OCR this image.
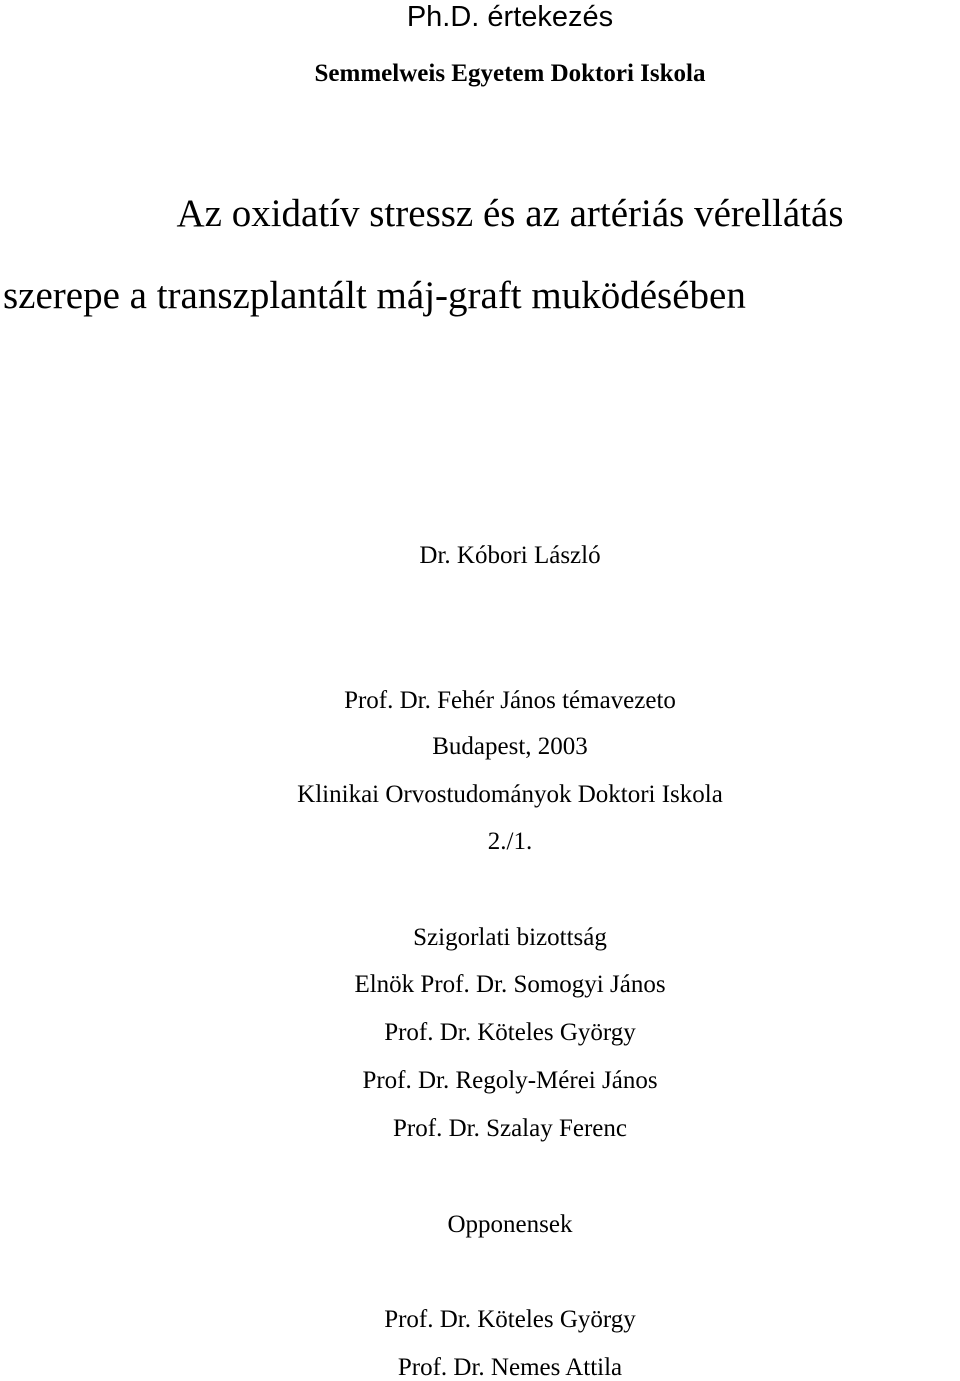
Ph.D. értekezés

Semmelweis Egyetem Doktori Iskola

Az oxidatív stressz és az artériás vérellátás

szerepe a transzplantált máj-graft muködésében

Dr. Kóbori László

Prof. Dr. Fehér János témavezeto

Budapest, 2003

Klinikai Orvostudományok Doktori Iskola

2./1.

Szigorlati bizottság

Elnök Prof. Dr. Somogyi János

Prof. Dr. Köteles György

Prof. Dr. Regoly-Mérei János

Prof. Dr. Szalay Ferenc

Opponensek

Prof. Dr. Köteles György

Prof. Dr. Nemes Attila
